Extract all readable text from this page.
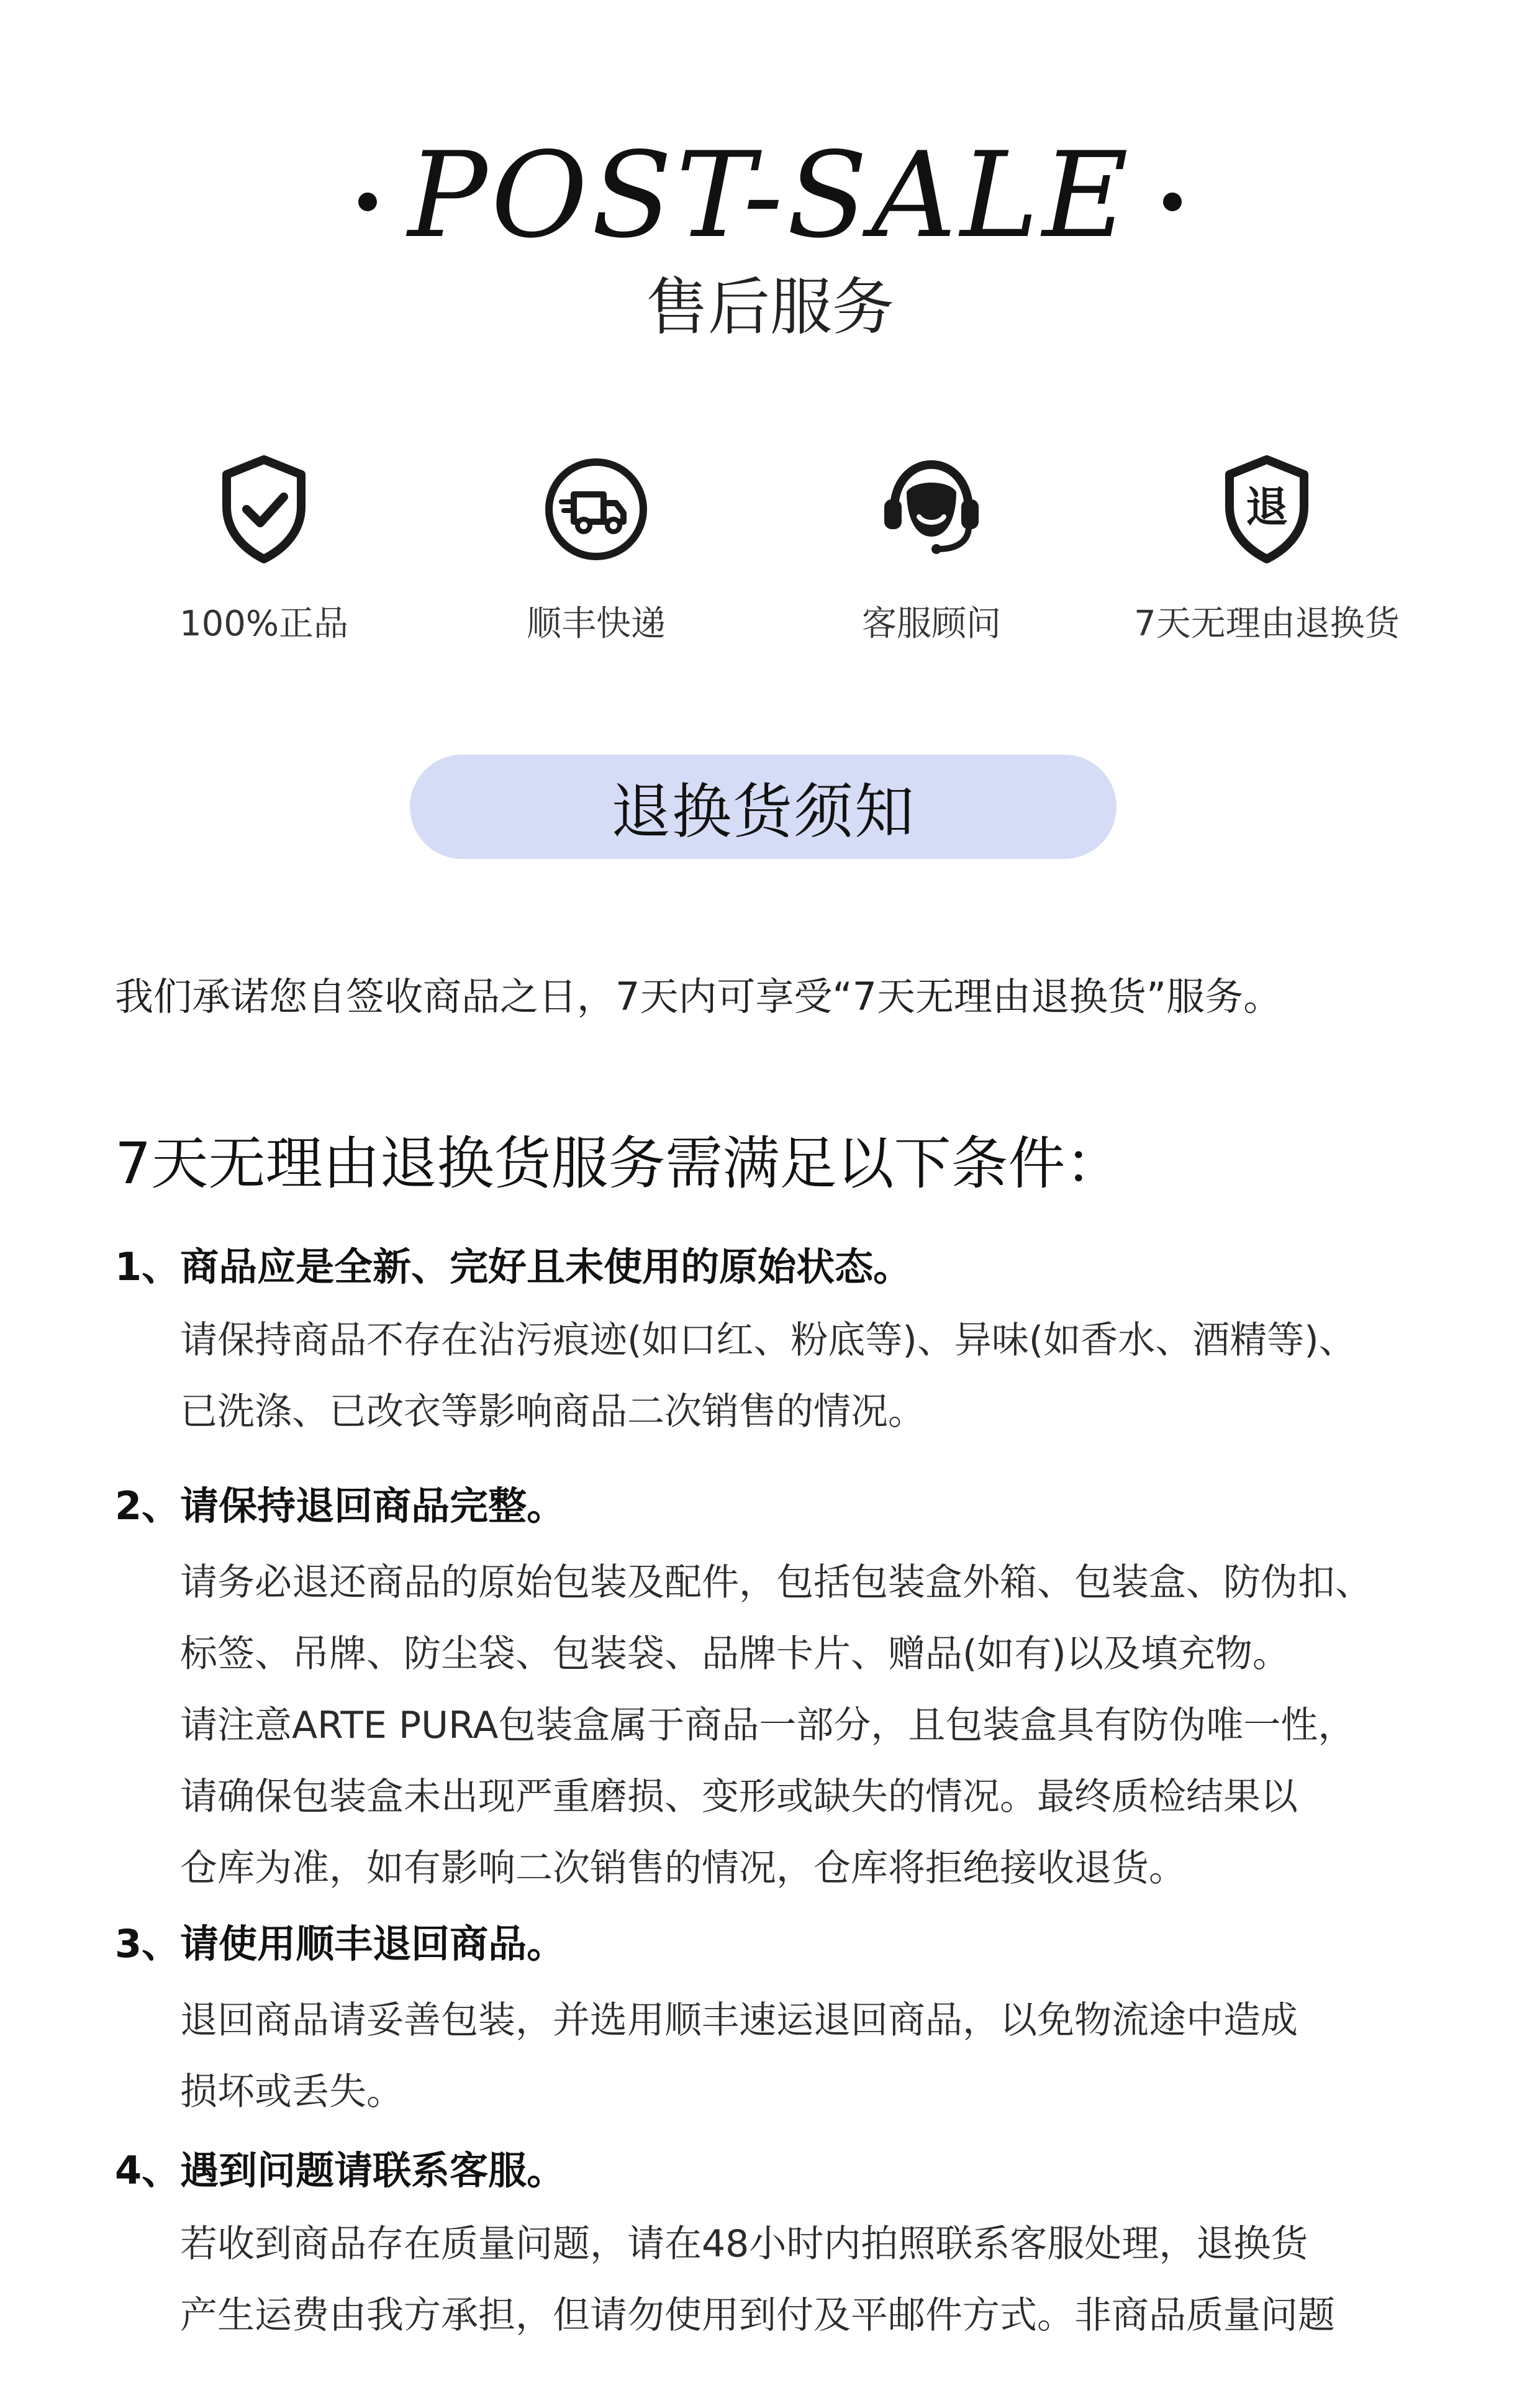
POST-SALE
售后服务
100%正品	顺丰快递	客服顾问
退
7天无理由退换货
退换货须知
我们承诺您自签收商品之日，7天内可享受“7天无理由退换货”服务。
7天无理由退换货服务需满足以下条件：
1、商品应是全新、完好且未使用的原始状态。
请保持商品不存在沾污痕迹(如口红、粉底等)、异味(如香水、酒精等)、
已洗涤、已改衣等影响商品二次销售的情况。
2、请保持退回商品完整。
请务必退还商品的原始包装及配件，包括包装盒外箱、包装盒、防伪扣、
标签、吊牌、防尘袋、包装袋、品牌卡片、赠品(如有)以及填充物。
请注意ARTE PURA包装盒属于商品一部分，且包装盒具有防伪唯一性，
请确保包装盒未出现严重磨损、变形或缺失的情况。最终质检结果以
仓库为准，如有影响二次销售的情况，仓库将拒绝接收退货。
3、请使用顺丰退回商品。
退回商品请妥善包装，并选用顺丰速运退回商品，以免物流途中造成
损坏或丢失。
4、遇到问题请联系客服。
若收到商品存在质量问题，请在48小时内拍照联系客服处理，退换货
产生运费由我方承担，但请勿使用到付及平邮件方式。非商品质量问题
